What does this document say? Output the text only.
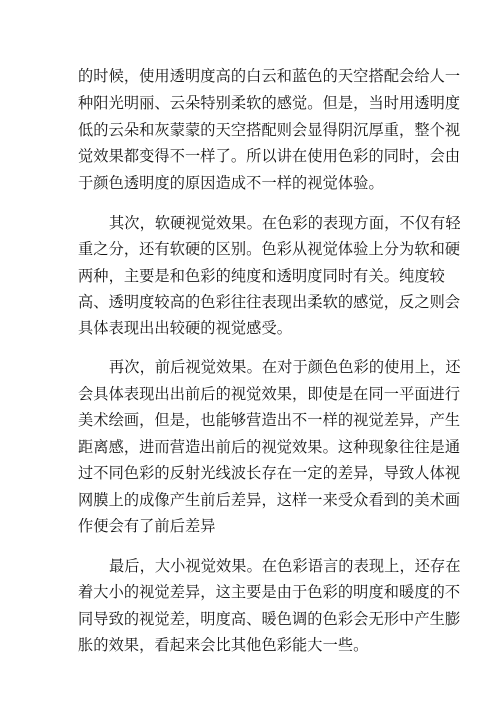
的时候，使用透明度高的白云和蓝色的天空搭配会给人一
种阳光明丽、云朵特别柔软的感觉。但是，当时用透明度
低的云朵和灰蒙蒙的天空搭配则会显得阴沉厚重，整个视
觉效果都变得不一样了。所以讲在使用色彩的同时，会由
于颜色透明度的原因造成不一样的视觉体验。
其次，软硬视觉效果。在色彩的表现方面，不仅有轻
重之分，还有软硬的区别。色彩从视觉体验上分为软和硬
两种，主要是和色彩的纯度和透明度同时有关。纯度较
高、透明度较高的色彩往往表现出柔软的感觉，反之则会
具体表现出出较硬的视觉感受。
再次，前后视觉效果。在对于颜色色彩的使用上，还
会具体表现出出前后的视觉效果，即使是在同一平面进行
美术绘画，但是，也能够营造出不一样的视觉差异，产生
距离感，进而营造出前后的视觉效果。这种现象往往是通
过不同色彩的反射光线波长存在一定的差异，导致人体视
网膜上的成像产生前后差异，这样一来受众看到的美术画
作便会有了前后差异
最后，大小视觉效果。在色彩语言的表现上，还存在
着大小的视觉差异，这主要是由于色彩的明度和暖度的不
同导致的视觉差，明度高、暖色调的色彩会无形中产生膨
胀的效果，看起来会比其他色彩能大一些。
